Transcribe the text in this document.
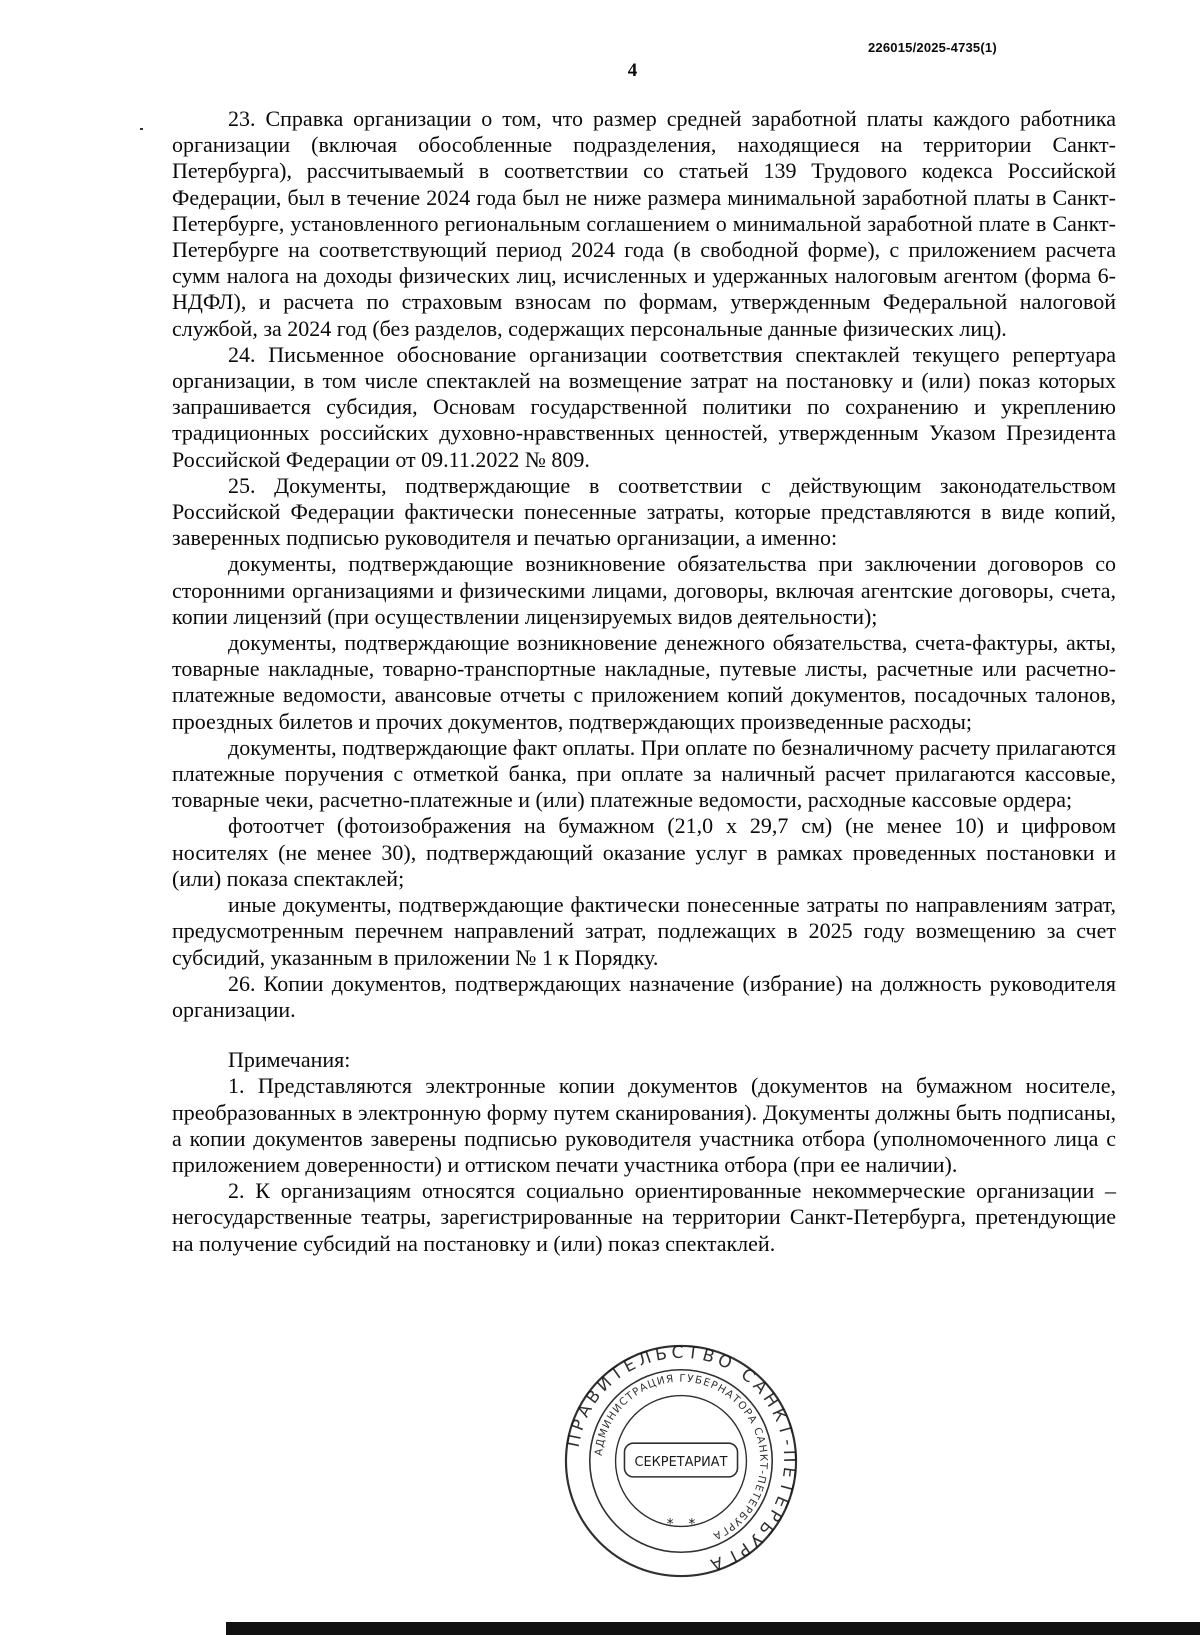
226015/2025-4735(1)
4

23. Справка организации о том, что размер средней заработной платы каждого работника организации (включая обособленные подразделения, находящиеся на территории Санкт-Петербурга), рассчитываемый в соответствии со статьей 139 Трудового кодекса Российской Федерации, был в течение 2024 года был не ниже размера минимальной заработной платы в Санкт-Петербурге, установленного региональным соглашением о минимальной заработной плате в Санкт-Петербурге на соответствующий период 2024 года (в свободной форме), с приложением расчета сумм налога на доходы физических лиц, исчисленных и удержанных налоговым агентом (форма 6-НДФЛ), и расчета по страховым взносам по формам, утвержденным Федеральной налоговой службой, за 2024 год (без разделов, содержащих персональные данные физических лиц).

24. Письменное обоснование организации соответствия спектаклей текущего репертуара организации, в том числе спектаклей на возмещение затрат на постановку и (или) показ которых запрашивается субсидия, Основам государственной политики по сохранению и укреплению традиционных российских духовно-нравственных ценностей, утвержденным Указом Президента Российской Федерации от 09.11.2022 № 809.

25. Документы, подтверждающие в соответствии с действующим законодательством Российской Федерации фактически понесенные затраты, которые представляются в виде копий, заверенных подписью руководителя и печатью организации, а именно:

документы, подтверждающие возникновение обязательства при заключении договоров со сторонними организациями и физическими лицами, договоры, включая агентские договоры, счета, копии лицензий (при осуществлении лицензируемых видов деятельности);

документы, подтверждающие возникновение денежного обязательства, счета-фактуры, акты, товарные накладные, товарно-транспортные накладные, путевые листы, расчетные или расчетно-платежные ведомости, авансовые отчеты с приложением копий документов, посадочных талонов, проездных билетов и прочих документов, подтверждающих произведенные расходы;

документы, подтверждающие факт оплаты. При оплате по безналичному расчету прилагаются платежные поручения с отметкой банка, при оплате за наличный расчет прилагаются кассовые, товарные чеки, расчетно-платежные и (или) платежные ведомости, расходные кассовые ордера;

фотоотчет (фотоизображения на бумажном (21,0 х 29,7 см) (не менее 10) и цифровом носителях (не менее 30), подтверждающий оказание услуг в рамках проведенных постановки и (или) показа спектаклей;

иные документы, подтверждающие фактически понесенные затраты по направлениям затрат, предусмотренным перечнем направлений затрат, подлежащих в 2025 году возмещению за счет субсидий, указанным в приложении № 1 к Порядку.

26. Копии документов, подтверждающих назначение (избрание) на должность руководителя организации.

Примечания:

1. Представляются электронные копии документов (документов на бумажном носителе, преобразованных в электронную форму путем сканирования). Документы должны быть подписаны, а копии документов заверены подписью руководителя участника отбора (уполномоченного лица с приложением доверенности) и оттиском печати участника отбора (при ее наличии).

2. К организациям относятся социально ориентированные некоммерческие организации – негосударственные театры, зарегистрированные на территории Санкт-Петербурга, претендующие на получение субсидий на постановку и (или) показ спектаклей.

ПРАВИТЕЛЬСТВО САНКТ-ПЕТЕРБУРГА
АДМИНИСТРАЦИЯ ГУБЕРНАТОРА САНКТ-ПЕТЕРБУРГА
СЕКРЕТАРИАТ
* *
